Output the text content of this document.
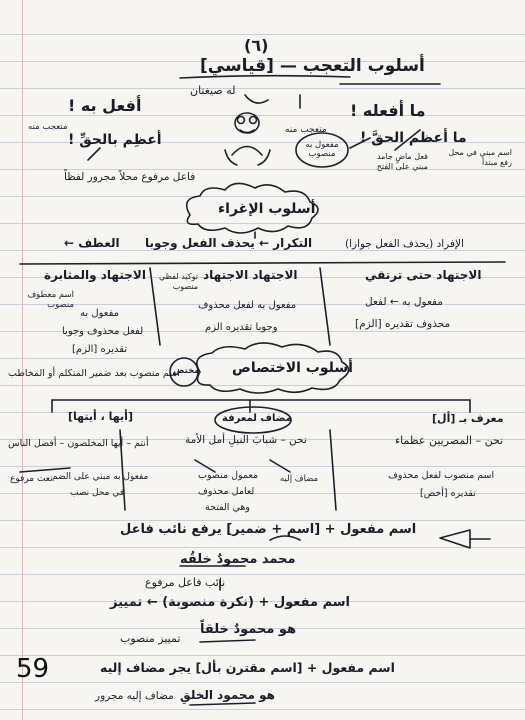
(٦)
أسلوب التعجب — [قياسي]
له صيغتان
ما أفعله !
أفعل به !
ما أعظم الحقَّ !
أعظِم بالحقِّ !	مفعول به منصوب
متعجب منه
اسم مبني في محل رفع مبتدأ
فعل ماضٍ جامد مبني على الفتح
متعجب منه
فاعل مرفوع محلاً مجرور لفظاً
أسلوب الإغراء
التكرار ← يحذف الفعل وجوبا
العطف ←	الإفراد (يحذف الفعل جوازا)
الاجتهاد حتى ترتقي
مفعول به ← لفعل
محذوف تقديره [الزم]
الاجتهاد الاجتهاد
توكيد لفظي منصوب
مفعول به لفعل محذوف
وجوبا تقديره الزم
الاجتهاد والمثابرة
اسم معطوف منصوب
مفعول به
لفعل محذوف وجوبا
تقديره [الزم]
أسلوب الاختصاص
مختص
اسم منصوب بعد ضمير المتكلم أو المخاطب
معرف بـ [أل]
نحن – المصريين عظماء
اسم منصوب لفعل محذوف
تقديره [أخص]
مضاف لمعرفة
نحن – شبابَ النيلِ أمل الأمة
معمول منصوب
لعامل محذوف
وهي الفتحة
مضاف إليه
[أيها ، أيتها]
أنتم – أيها المخلصون – أفضل الناس
مفعول به مبني على الضم
في محل نصب
نعت مرفوع
اسم مفعول + [اسم + ضمير] يرفع نائب فاعل
محمد محمودٌ خلقُه
نائب فاعل مرفوع
اسم مفعول + (نكرة منصوبة) ← تمييز
هو محمودٌ خلقاً
تمييز منصوب
اسم مفعول + [اسم مقترن بأل] يجر مضاف إليه
هو محمود الخلقِ
مضاف إليه مجرور
59
